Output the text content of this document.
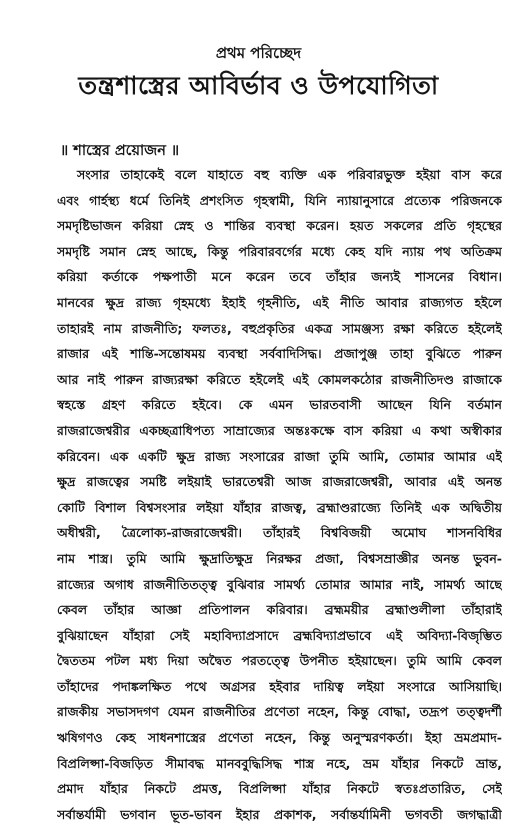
প্রথম পরিচ্ছেদ
তন্ত্রশাস্ত্রের আবির্ভাব ও উপযোগিতা
॥ শাস্ত্রের প্রয়োজন ॥
সংসার তাহাকেই বলে যাহাতে বহু ব্যক্তি এক পরিবারভুক্ত হইয়া বাস করে
এবং গার্হস্থ্য ধর্মে তিনিই প্রশংসিত গৃহস্বামী, যিনি ন্যায়ানুসারে প্রত্যেক পরিজনকে
সমদৃষ্টিভাজন করিয়া স্নেহ ও শান্তির ব্যবস্থা করেন। হয়ত সকলের প্রতি গৃহস্থের
সমদৃষ্টি সমান স্নেহ আছে, কিন্তু পরিবারবর্গের মধ্যে কেহ যদি ন্যায় পথ অতিক্রম
করিয়া কর্তাকে পক্ষপাতী মনে করেন তবে তাঁহার জন্যই শাসনের বিধান।
মানবের ক্ষুদ্র রাজ্য গৃহমধ্যে ইহাই গৃহনীতি, এই নীতি আবার রাজ্যগত হইলে
তাহারই নাম রাজনীতি; ফলতঃ, বহুপ্রকৃতির একত্র সামঞ্জস্য রক্ষা করিতে হইলেই
রাজার এই শান্তি-সন্তোষময় ব্যবস্থা সর্ববাদিসিদ্ধ। প্রজাপুঞ্জ তাহা বুঝিতে পারুন
আর নাই পারুন রাজ্যরক্ষা করিতে হইলেই এই কোমলকঠোর রাজনীতিদণ্ড রাজাকে
স্বহস্তে গ্রহণ করিতে হইবে। কে এমন ভারতবাসী আছেন যিনি বর্তমান
রাজরাজেশ্বরীর একচ্ছত্রাধিপত্য সাম্রাজ্যের অন্তঃকক্ষে বাস করিয়া এ কথা অস্বীকার
করিবেন। এক একটি ক্ষুদ্র রাজ্য সংসারের রাজা তুমি আমি, তোমার আমার এই
ক্ষুদ্র রাজত্বের সমষ্টি লইয়াই ভারতেশ্বরী আজ রাজরাজেশ্বরী, আবার এই অনন্ত
কোটি বিশাল বিশ্বসংসার লইয়া যাঁহার রাজত্ব, ব্রহ্মাণ্ডরাজ্যে তিনিই এক অদ্বিতীয়
অধীশ্বরী, ত্রৈলোক্য-রাজরাজেশ্বরী। তাঁহারই বিশ্ববিজয়ী অমোঘ শাসনবিধির
নাম শাস্ত্র। তুমি আমি ক্ষুদ্রাতিক্ষুদ্র নিরক্ষর প্রজা, বিশ্বসম্রাজ্ঞীর অনন্ত ভুবন-
রাজ্যের অগাধ রাজনীতিতত্ত্ব বুঝিবার সামর্থ্য তোমার আমার নাই, সামর্থ্য আছে
কেবল তাঁহার আজ্ঞা প্রতিপালন করিবার। ব্রহ্মময়ীর ব্রহ্মাণ্ডলীলা তাঁহারাই
বুঝিয়াছেন যাঁহারা সেই মহাবিদ্যাপ্রসাদে ব্রহ্মবিদ্যাপ্রভাবে এই অবিদ্যা-বিজৃম্ভিত
দ্বৈততম পটল মধ্য দিয়া অদ্বৈত পরতত্ত্বে উপনীত হইয়াছেন। তুমি আমি কেবল
তাঁহাদের পদাঙ্কলক্ষিত পথে অগ্রসর হইবার দায়িত্ব লইয়া সংসারে আসিয়াছি।
রাজকীয় সভাসদগণ যেমন রাজনীতির প্রণেতা নহেন, কিন্তু বোদ্ধা, তদ্রূপ তত্ত্বদর্শী
ঋষিগণও কেহ সাধনশাস্ত্রের প্রণেতা নহেন, কিন্তু অনুস্মরণকর্তা। ইহা ভ্রমপ্রমাদ-
বিপ্রলিপ্সা-বিজড়িত সীমাবদ্ধ মানববুদ্ধিসিদ্ধ শাস্ত্র নহে, ভ্রম যাঁহার নিকটে ভ্রান্ত,
প্রমাদ যাঁহার নিকটে প্রমত্ত, বিপ্রলিপ্সা যাঁহার নিকটে স্বতঃপ্রতারিত, সেই
সর্বান্তর্যামী ভগবান ভূত-ভাবন ইহার প্রকাশক, সর্বান্তর্যামিনী ভগবতী জগদ্ধাত্রী
